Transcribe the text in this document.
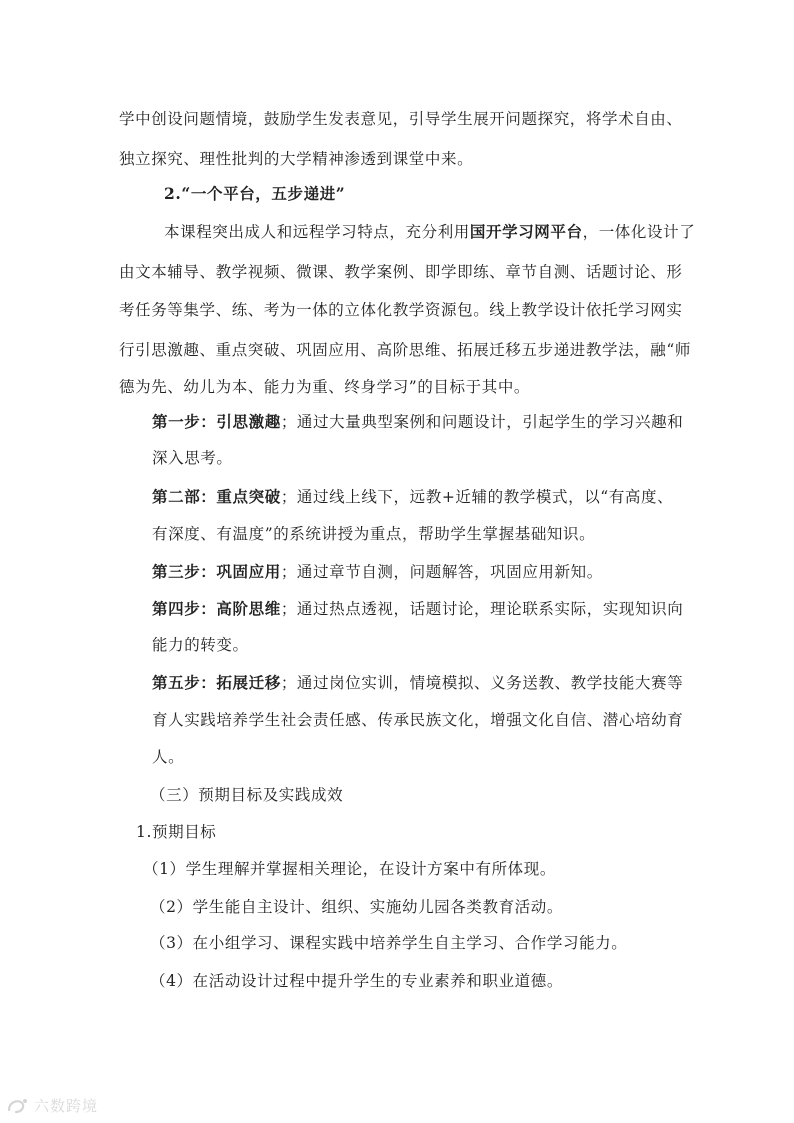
学中创设问题情境，鼓励学生发表意见，引导学生展开问题探究，将学术自由、
独立探究、理性批判的大学精神渗透到课堂中来。
2.“一个平台，五步递进”
本课程突出成人和远程学习特点，充分利用国开学习网平台，一体化设计了
由文本辅导、教学视频、微课、教学案例、即学即练、章节自测、话题讨论、形
考任务等集学、练、考为一体的立体化教学资源包。线上教学设计依托学习网实
行引思激趣、重点突破、巩固应用、高阶思维、拓展迁移五步递进教学法，融“师
德为先、幼儿为本、能力为重、终身学习”的目标于其中。
第一步：引思激趣；通过大量典型案例和问题设计，引起学生的学习兴趣和
深入思考。
第二部：重点突破；通过线上线下，远教+近辅的教学模式，以“有高度、
有深度、有温度”的系统讲授为重点，帮助学生掌握基础知识。
第三步：巩固应用；通过章节自测，问题解答，巩固应用新知。
第四步：高阶思维；通过热点透视，话题讨论，理论联系实际，实现知识向
能力的转变。
第五步：拓展迁移；通过岗位实训，情境模拟、义务送教、教学技能大赛等
育人实践培养学生社会责任感、传承民族文化，增强文化自信、潜心培幼育
人。
（三）预期目标及实践成效
1.预期目标
（1）学生理解并掌握相关理论，在设计方案中有所体现。
（2）学生能自主设计、组织、实施幼儿园各类教育活动。
（3）在小组学习、课程实践中培养学生自主学习、合作学习能力。
（4）在活动设计过程中提升学生的专业素养和职业道德。
六数跨境
